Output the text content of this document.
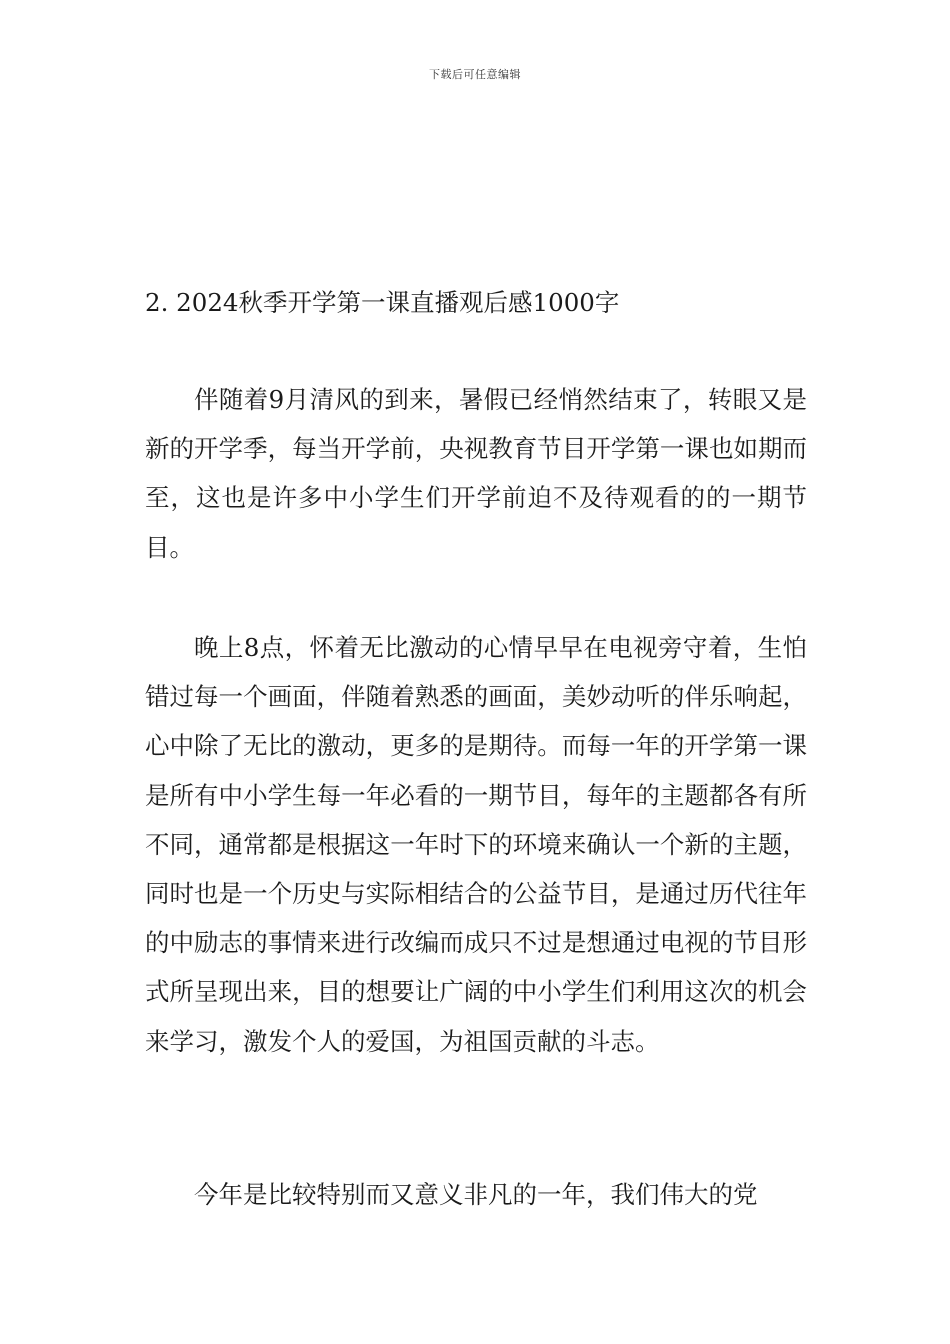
下载后可任意编辑
2. 2024秋季开学第一课直播观后感1000字

伴随着9月清风的到来，暑假已经悄然结束了，转眼又是新的开学季，每当开学前，央视教育节目开学第一课也如期而至，这也是许多中小学生们开学前迫不及待观看的的一期节目。

晚上8点，怀着无比激动的心情早早在电视旁守着，生怕错过每一个画面，伴随着熟悉的画面，美妙动听的伴乐响起，心中除了无比的激动，更多的是期待。而每一年的开学第一课是所有中小学生每一年必看的一期节目，每年的主题都各有所不同，通常都是根据这一年时下的环境来确认一个新的主题，同时也是一个历史与实际相结合的公益节目，是通过历代往年的中励志的事情来进行改编而成只不过是想通过电视的节目形式所呈现出来，目的想要让广阔的中小学生们利用这次的机会来学习，激发个人的爱国，为祖国贡献的斗志。

今年是比较特别而又意义非凡的一年，我们伟大的党
